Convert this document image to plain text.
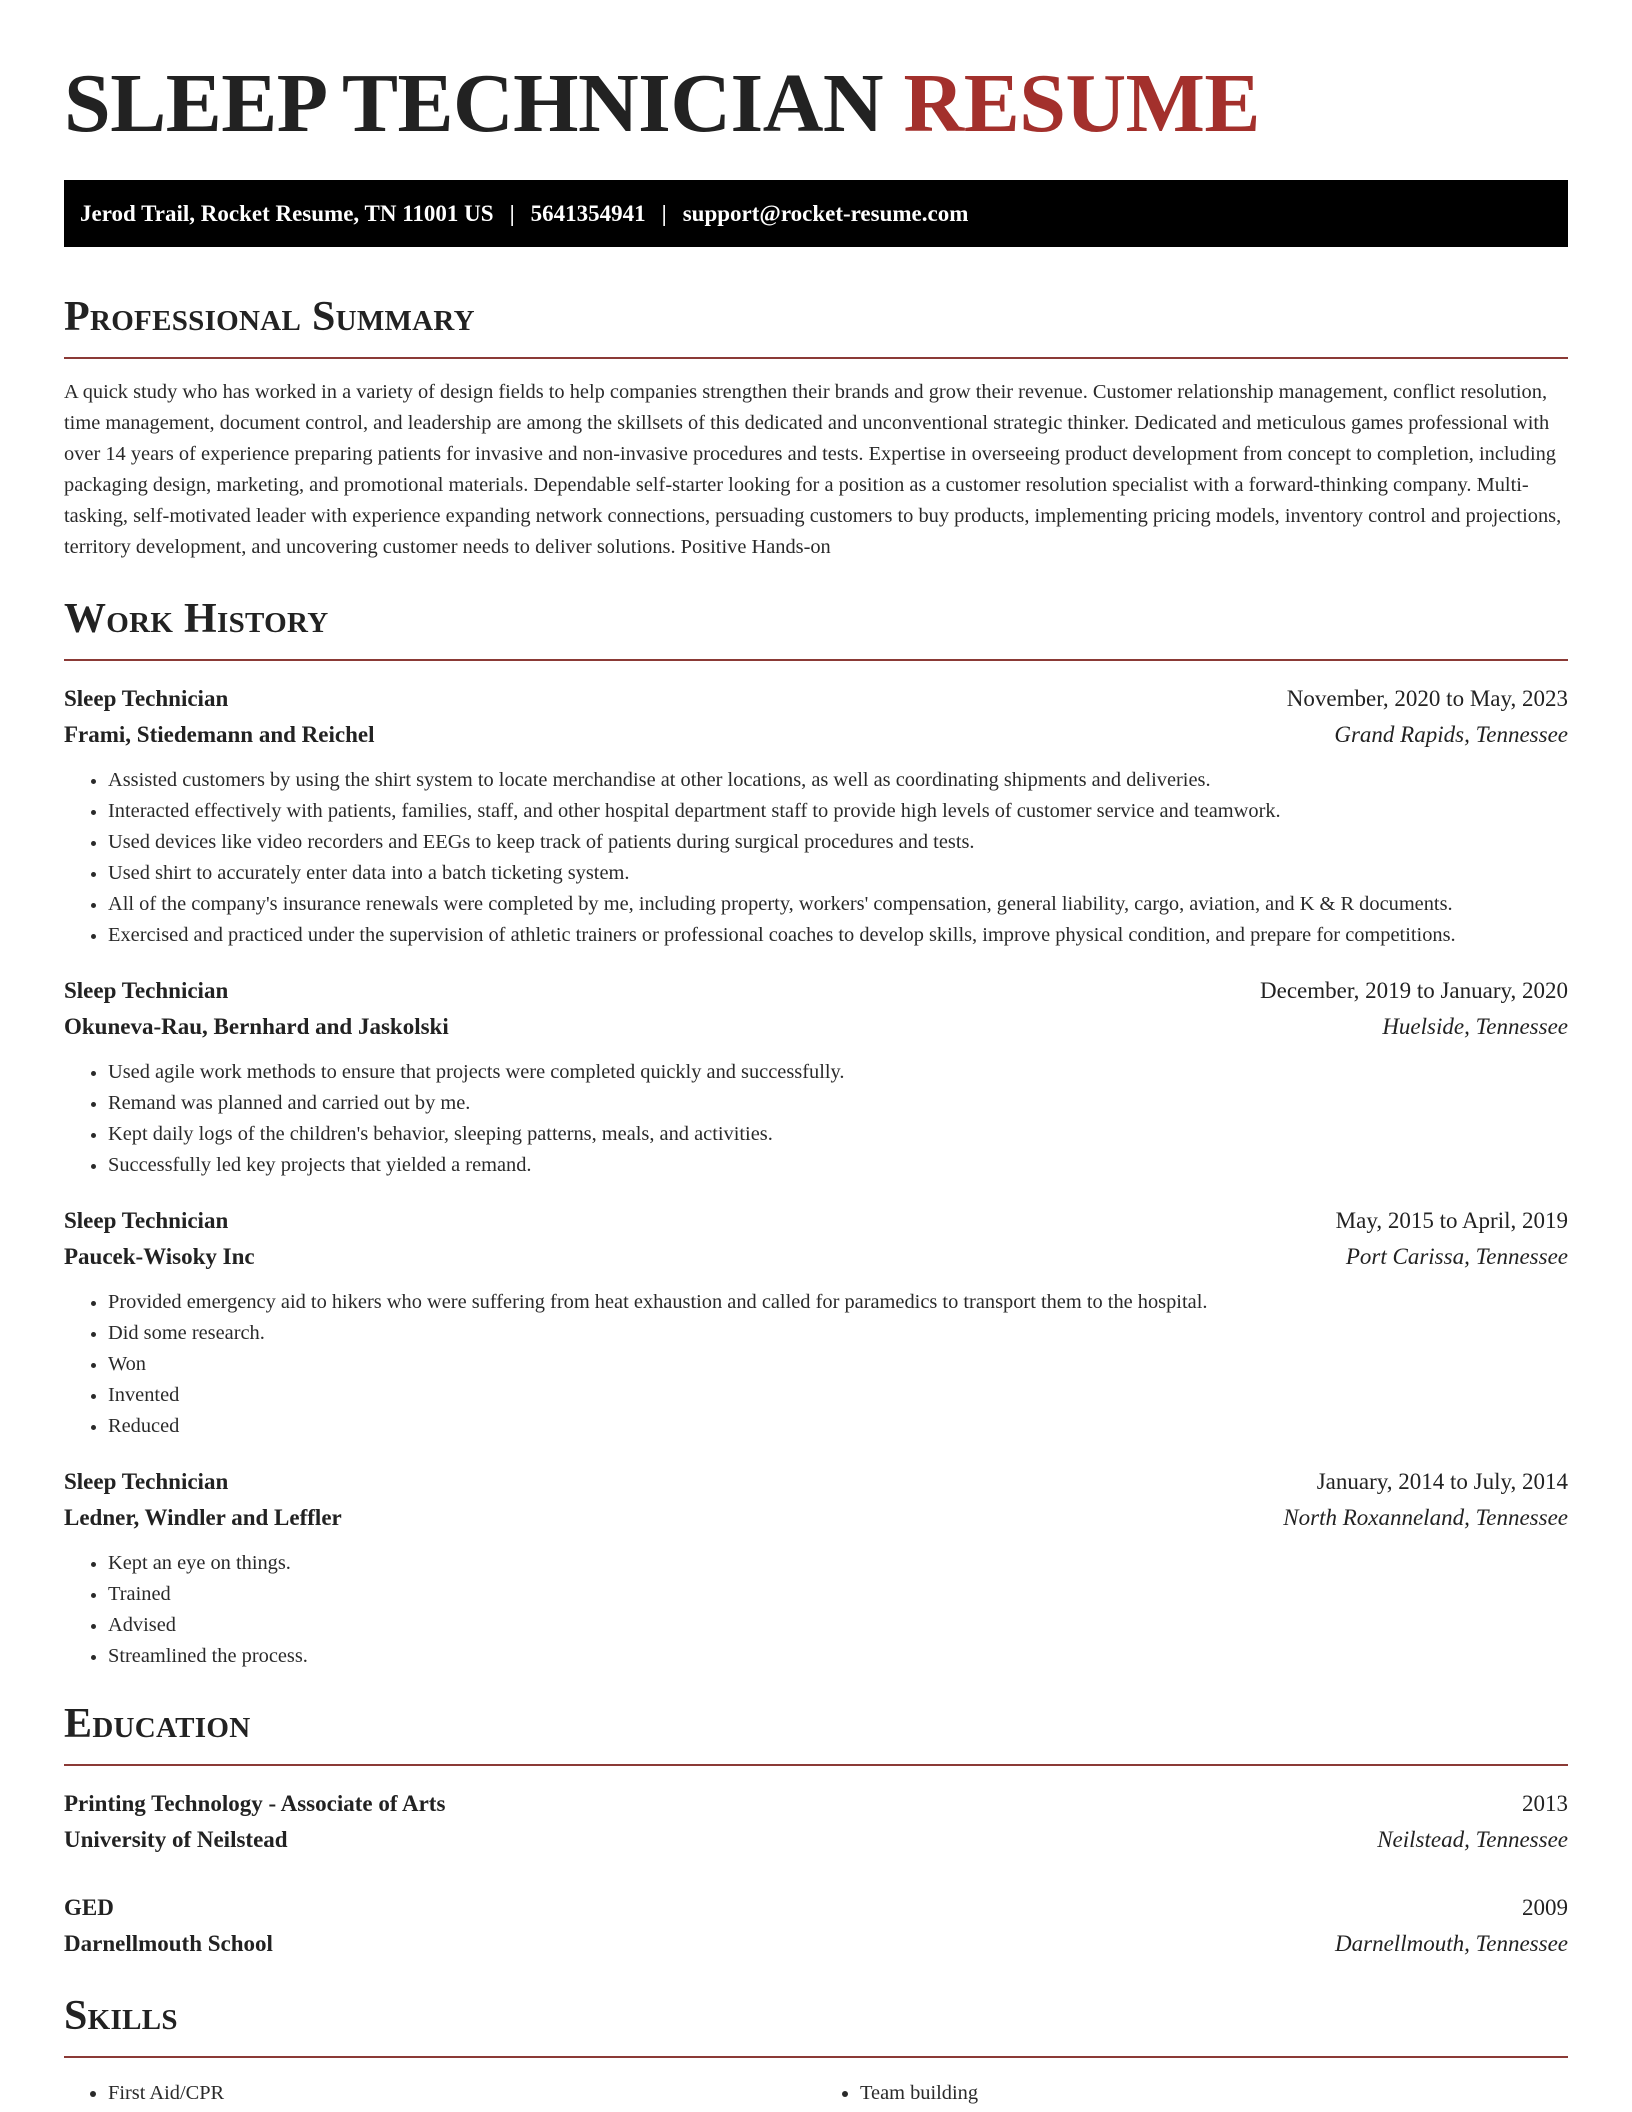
SLEEP TECHNICIAN RESUME
Jerod Trail, Rocket Resume, TN 11001 US | 5641354941 | support@rocket-resume.com
Professional Summary

A quick study who has worked in a variety of design fields to help companies strengthen their brands and grow their revenue. Customer relationship management, conflict resolution, time management, document control, and leadership are among the skillsets of this dedicated and unconventional strategic thinker. Dedicated and meticulous games professional with over 14 years of experience preparing patients for invasive and non-invasive procedures and tests. Expertise in overseeing product development from concept to completion, including packaging design, marketing, and promotional materials. Dependable self-starter looking for a position as a customer resolution specialist with a forward-thinking company. Multi-tasking, self-motivated leader with experience expanding network connections, persuading customers to buy products, implementing pricing models, inventory control and projections, territory development, and uncovering customer needs to deliver solutions. Positive Hands-on

Work History
Sleep Technician	November, 2020 to May, 2023
Frami, Stiedemann and Reichel	Grand Rapids, Tennessee
• Assisted customers by using the shirt system to locate merchandise at other locations, as well as coordinating shipments and deliveries.
• Interacted effectively with patients, families, staff, and other hospital department staff to provide high levels of customer service and teamwork.
• Used devices like video recorders and EEGs to keep track of patients during surgical procedures and tests.
• Used shirt to accurately enter data into a batch ticketing system.
• All of the company's insurance renewals were completed by me, including property, workers' compensation, general liability, cargo, aviation, and K & R documents.
• Exercised and practiced under the supervision of athletic trainers or professional coaches to develop skills, improve physical condition, and prepare for competitions.
Sleep Technician	December, 2019 to January, 2020
Okuneva-Rau, Bernhard and Jaskolski	Huelside, Tennessee
• Used agile work methods to ensure that projects were completed quickly and successfully.
• Remand was planned and carried out by me.
• Kept daily logs of the children's behavior, sleeping patterns, meals, and activities.
• Successfully led key projects that yielded a remand.
Sleep Technician	May, 2015 to April, 2019
Paucek-Wisoky Inc	Port Carissa, Tennessee
• Provided emergency aid to hikers who were suffering from heat exhaustion and called for paramedics to transport them to the hospital.
• Did some research.
• Won
• Invented
• Reduced
Sleep Technician	January, 2014 to July, 2014
Ledner, Windler and Leffler	North Roxanneland, Tennessee
• Kept an eye on things.
• Trained
• Advised
• Streamlined the process.
Education
Printing Technology - Associate of Arts	2013
University of Neilstead	Neilstead, Tennessee
GED	2009
Darnellmouth School	Darnellmouth, Tennessee
Skills
• First Aid/CPR
•	Team building
